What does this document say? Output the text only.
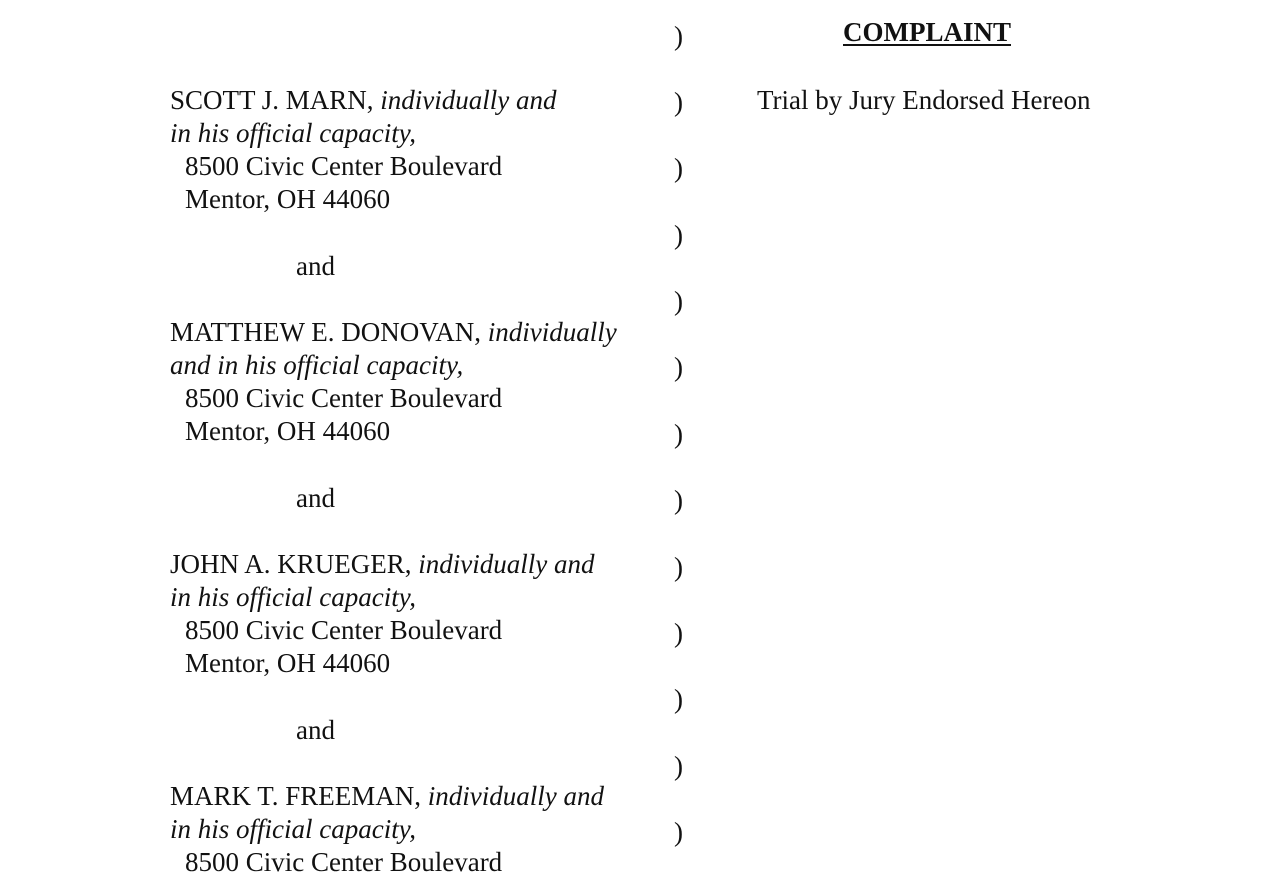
COMPLAINT
Trial by Jury Endorsed Hereon
)
)
)
)
)
)
)
)
)
)
)
)
)
SCOTT J. MARN, individually and
in his official capacity,
8500 Civic Center Boulevard
Mentor, OH 44060
and
MATTHEW E. DONOVAN, individually
and in his official capacity,
8500 Civic Center Boulevard
Mentor, OH 44060
and
JOHN A. KRUEGER, individually and
in his official capacity,
8500 Civic Center Boulevard
Mentor, OH 44060
and
MARK T. FREEMAN, individually and
in his official capacity,
8500 Civic Center Boulevard
